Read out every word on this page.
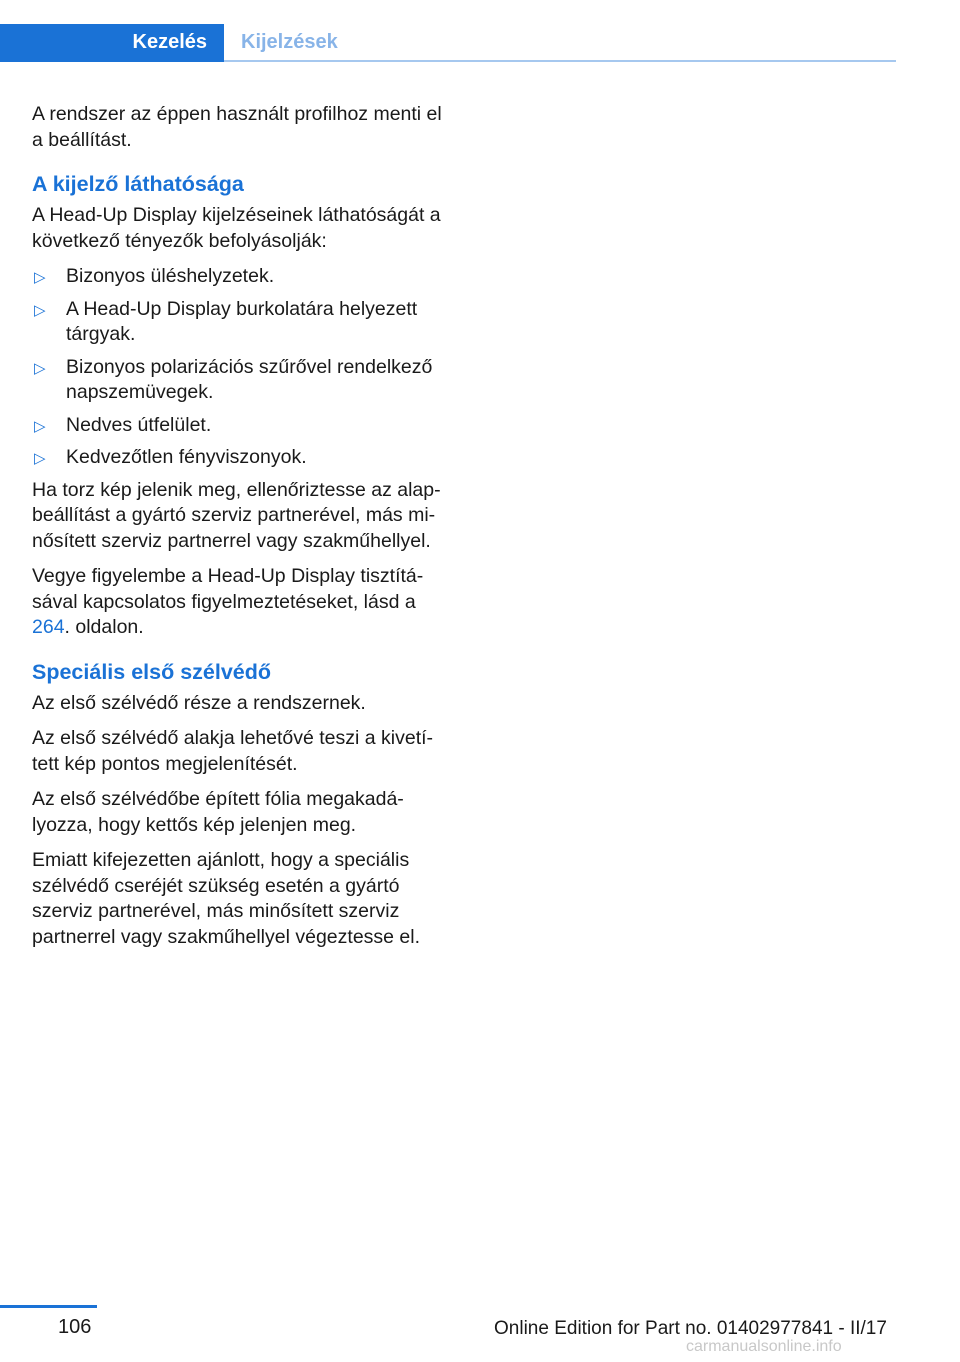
Kezelés	Kijelzések

A rendszer az éppen használt profilhoz menti el a beállítást.

A kijelző láthatósága

A Head-Up Display kijelzéseinek láthatóságát a következő tényezők befolyásolják:

▷ Bizonyos üléshelyzetek.
▷ A Head-Up Display burkolatára helyezett tárgyak.
▷ Bizonyos polarizációs szűrővel rendelkező napszemüvegek.
▷ Nedves útfelület.
▷ Kedvezőtlen fényviszonyok.

Ha torz kép jelenik meg, ellenőriztesse az alap-beállítást a gyártó szerviz partnerével, más mi-nősített szerviz partnerrel vagy szakműhellyel.

Vegye figyelembe a Head-Up Display tisztítá-sával kapcsolatos figyelmeztetéseket, lásd a 264. oldalon.

Speciális első szélvédő

Az első szélvédő része a rendszernek.

Az első szélvédő alakja lehetővé teszi a kivetí-tett kép pontos megjelenítését.

Az első szélvédőbe épített fólia megakadá-lyozza, hogy kettős kép jelenjen meg.

Emiatt kifejezetten ajánlott, hogy a speciális szélvédő cseréjét szükség esetén a gyártó szerviz partnerével, más minősített szerviz partnerrel vagy szakműhellyel végeztesse el.

106	Online Edition for Part no. 01402977841 - II/17
carmanualsonline.info
